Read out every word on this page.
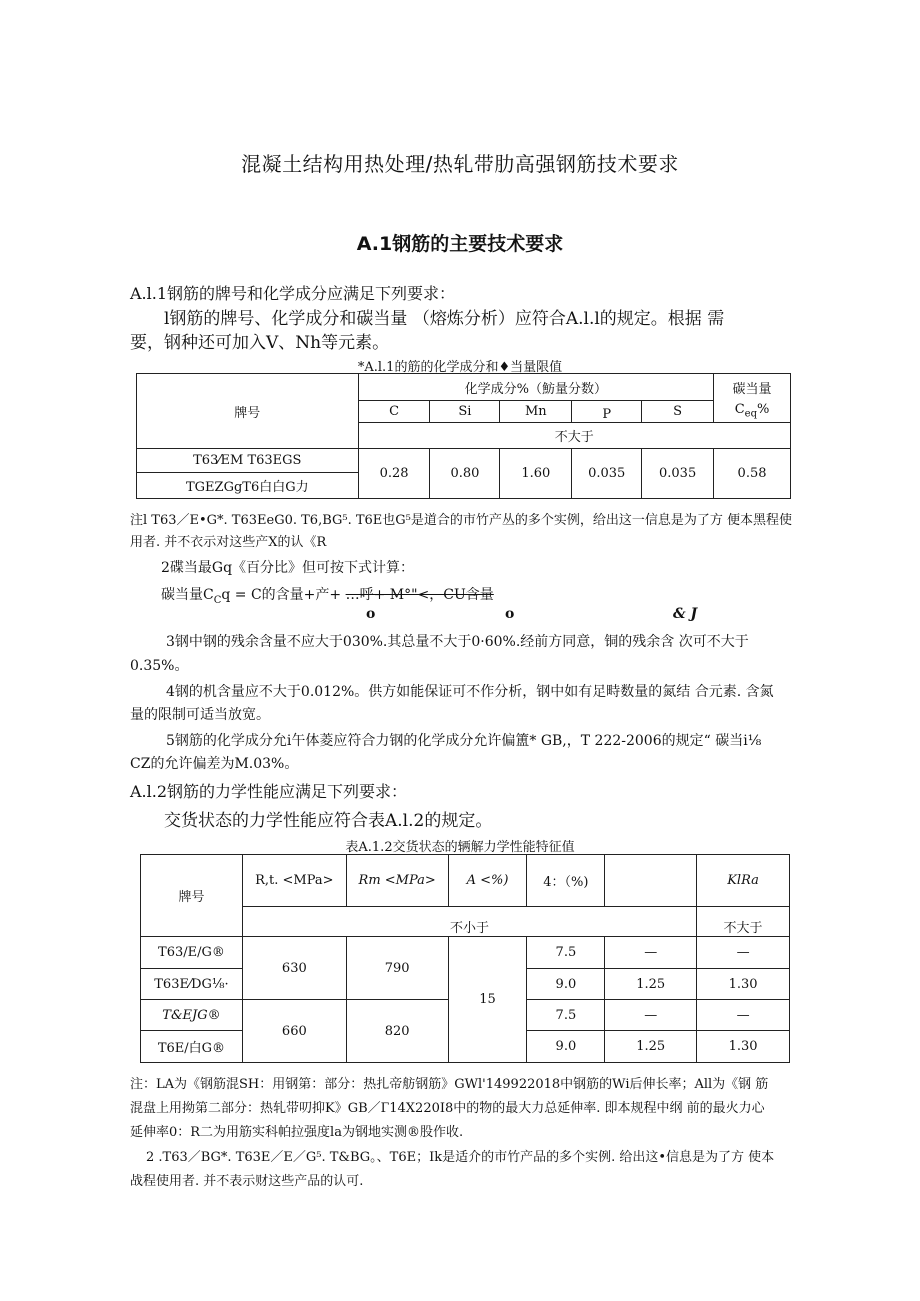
混凝土结构用热处理/热轧带肋高强钢筋技术要求
A.1钢筋的主要技术要求
A.l.1钢筋的牌号和化学成分应满足下列要求：
l钢筋的牌号、化学成分和碳当量 （熔炼分析）应符合A.l.l的规定。根据 需
要，钢种还可加入V、Nh等元素。
*A.l.1的筋的化学成分和♦当量限值
牌号	化学成分%（魴量分数）					碳当量
	C	Si	Mn	P	S	$C_{eq}\%$
	不大于					
T63⁄EM T63EGS	0.28	0.80	1.60	0.035	0.035	0.58
TGEZGgT6白白G力						
注l T63／E•G*. T63EeG0. T6,BG⁵. T6E也G⁵是道合的市竹产丛的多个实例，给出这一信息是为了方 便本黑程使
用者. 并不衣示对这些产X的认《R
2碟当最Gq《百分比》但可按下式计算：
碳当量$C_Cq = C$的含量+产+ …呼+ M°"<，CU含量
o	o	& J
3钢中钢的残余含量不应大于030%.其总量不大于0·60%.经前方同意，铜的残余含 次可不大于
0.35%。
4钢的机含量应不大于0.012%。供方如能保证可不作分析，钢中如有足畤数量的氮结 合元素. 含氮
量的限制可适当放宽。
5钢筋的化学成分允i午体菱应符合力钢的化学成分允许偏簠* GB,，T 222-2006的规定“ 碳当i⅛
CZ的允许偏差为M.03%。
A.l.2钢筋的力学性能应满足下列要求：
交货状态的力学性能应符合表A.l.2的规定。
表A.1.2交货状态的辆解力学性能特征值
牌号	R,t. <MPa>	Rm <MPa>	A <%)	4：（%)		KlRa
	不小于					不大于
T63/E/G®	630	790	15	7.5	—	—
T63E⁄DG⅛·				9.0	1.25	1.30
T&EJG®	660	820		7.5	—	—
T6E/白G®				9.0	1.25	1.30
注：LA为《钢筋混SH：用钢第：部分：热扎帝舫钢筋》GWl'149922018中钢筋的Wi后伸长率；All为《钢 筋
混盘上用拗第二部分：热轧带叨抑K》GB／Г14X220I8中的物的最大力总延伸率. 即本规程中纲 前的最火力心
延伸率0：R二为用筋实科帕拉强度la为钢地实测®股作收.
2 .T63／BG*. T63E／E／G⁵. T&BG。、T6E；Ik是适介的市竹产品的多个实例. 给出这•信息是为了方 使本
战程使用者. 并不表示财这些产品的认可.
